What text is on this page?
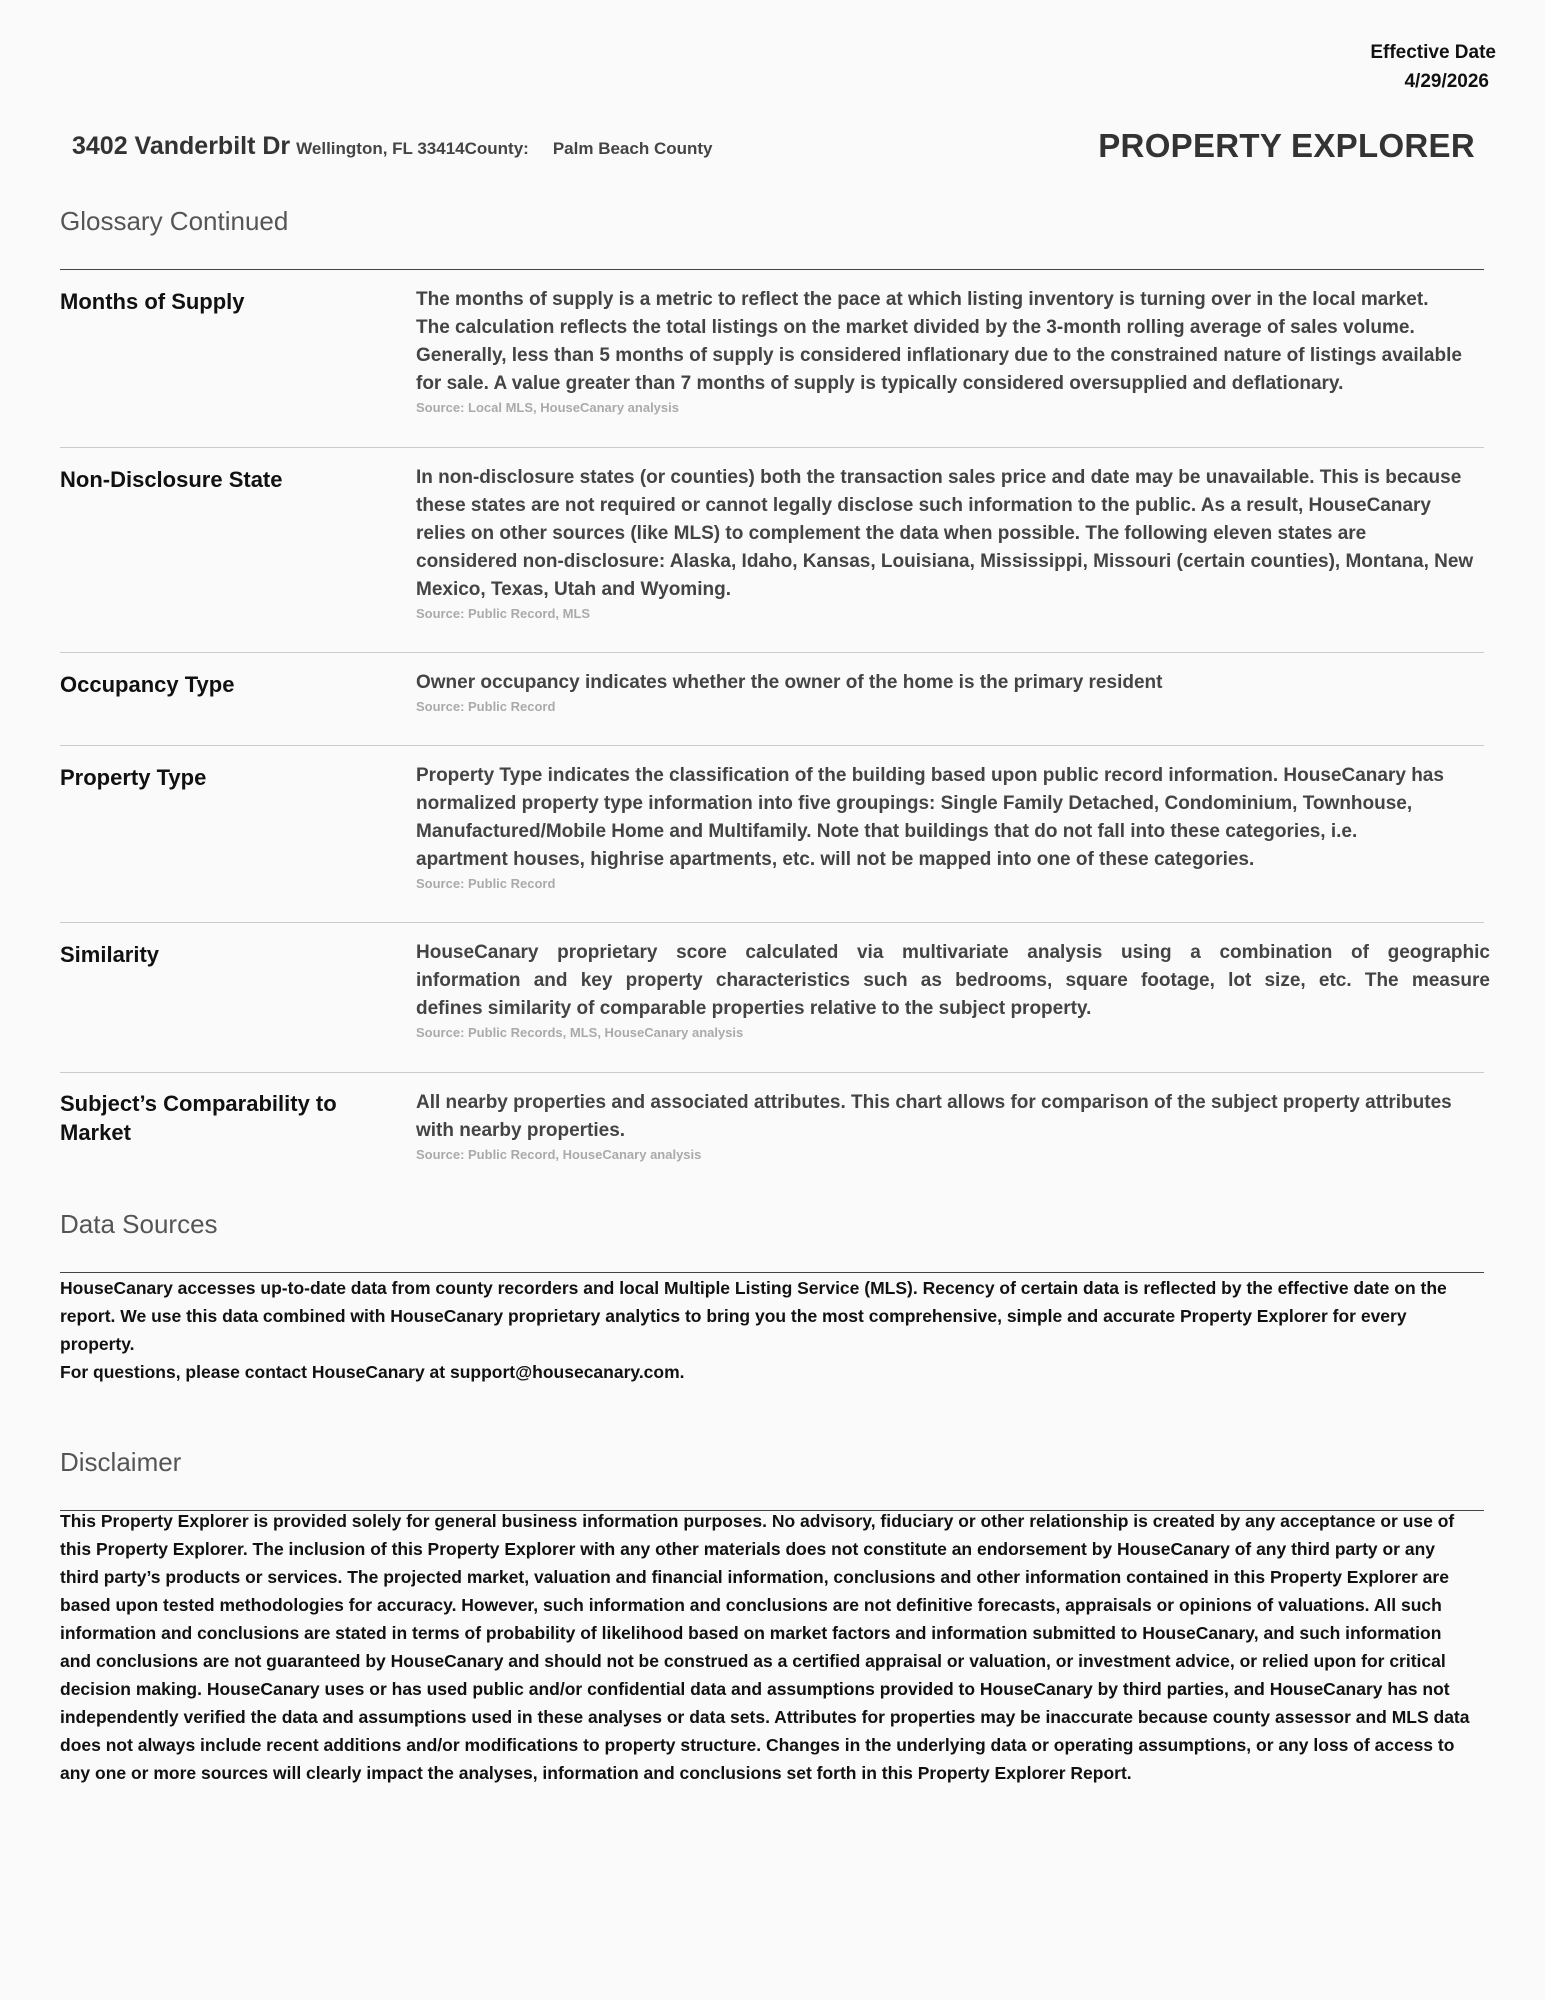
Effective Date
4/29/2026
3402 Vanderbilt Dr Wellington, FL 33414County: Palm Beach County	PROPERTY EXPLORER
Glossary Continued
Months of Supply	The months of supply is a metric to reflect the pace at which listing inventory is turning over in the local market.
The calculation reflects the total listings on the market divided by the 3-month rolling average of sales volume.
Generally, less than 5 months of supply is considered inflationary due to the constrained nature of listings available
for sale. A value greater than 7 months of supply is typically considered oversupplied and deflationary.
Source: Local MLS, HouseCanary analysis
Non-Disclosure State	In non-disclosure states (or counties) both the transaction sales price and date may be unavailable. This is because
these states are not required or cannot legally disclose such information to the public. As a result, HouseCanary
relies on other sources (like MLS) to complement the data when possible. The following eleven states are
considered non-disclosure: Alaska, Idaho, Kansas, Louisiana, Mississippi, Missouri (certain counties), Montana, New
Mexico, Texas, Utah and Wyoming.
Source: Public Record, MLS
Occupancy Type	Owner occupancy indicates whether the owner of the home is the primary resident
Source: Public Record
Property Type	Property Type indicates the classification of the building based upon public record information. HouseCanary has
normalized property type information into five groupings: Single Family Detached, Condominium, Townhouse,
Manufactured/Mobile Home and Multifamily. Note that buildings that do not fall into these categories, i.e.
apartment houses, highrise apartments, etc. will not be mapped into one of these categories.
Source: Public Record
Similarity	HouseCanary proprietary score calculated via multivariate analysis using a combination of geographic
information and key property characteristics such as bedrooms, square footage, lot size, etc. The measure
defines similarity of comparable properties relative to the subject property.
Source: Public Records, MLS, HouseCanary analysis
Subject’s Comparability to
Market
All nearby properties and associated attributes. This chart allows for comparison of the subject property attributes
with nearby properties.
Source: Public Record, HouseCanary analysis
Data Sources
HouseCanary accesses up-to-date data from county recorders and local Multiple Listing Service (MLS). Recency of certain data is reflected by the effective date on the
report. We use this data combined with HouseCanary proprietary analytics to bring you the most comprehensive, simple and accurate Property Explorer for every
property.
For questions, please contact HouseCanary at support@housecanary.com.
Disclaimer
This Property Explorer is provided solely for general business information purposes. No advisory, fiduciary or other relationship is created by any acceptance or use of
this Property Explorer. The inclusion of this Property Explorer with any other materials does not constitute an endorsement by HouseCanary of any third party or any
third party’s products or services. The projected market, valuation and financial information, conclusions and other information contained in this Property Explorer are
based upon tested methodologies for accuracy. However, such information and conclusions are not definitive forecasts, appraisals or opinions of valuations. All such
information and conclusions are stated in terms of probability of likelihood based on market factors and information submitted to HouseCanary, and such information
and conclusions are not guaranteed by HouseCanary and should not be construed as a certified appraisal or valuation, or investment advice, or relied upon for critical
decision making. HouseCanary uses or has used public and/or confidential data and assumptions provided to HouseCanary by third parties, and HouseCanary has not
independently verified the data and assumptions used in these analyses or data sets. Attributes for properties may be inaccurate because county assessor and MLS data
does not always include recent additions and/or modifications to property structure. Changes in the underlying data or operating assumptions, or any loss of access to
any one or more sources will clearly impact the analyses, information and conclusions set forth in this Property Explorer Report.
